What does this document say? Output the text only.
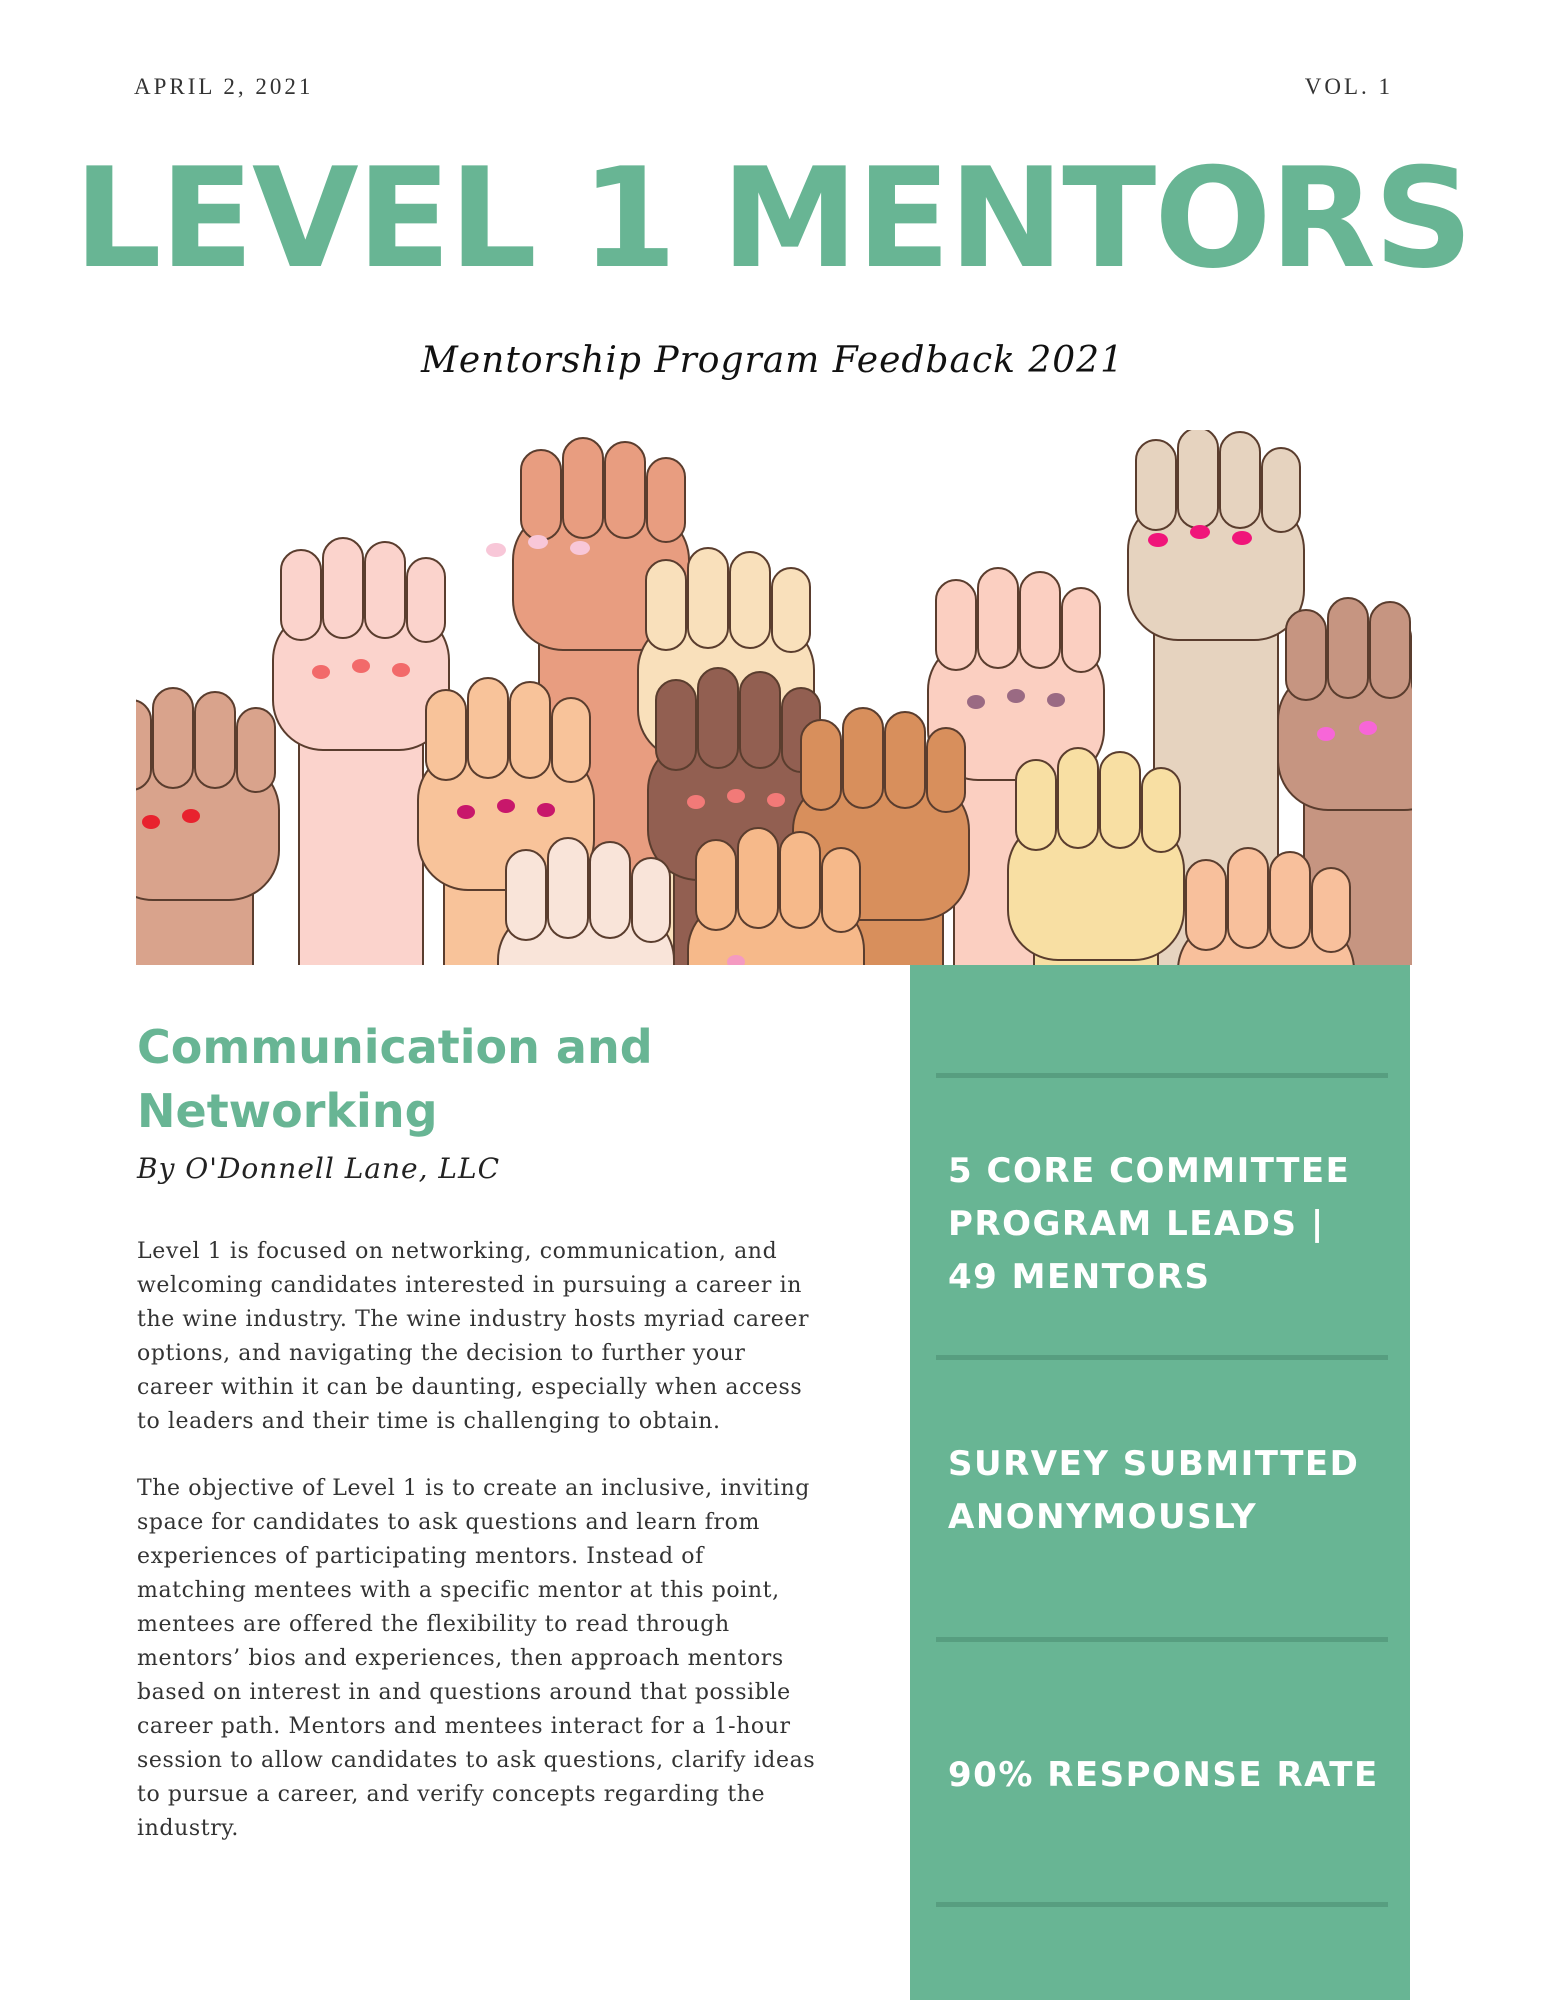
APRIL 2, 2021	VOL. 1
LEVEL 1 MENTORS
Mentorship Program Feedback 2021
Communication and
Networking
By O'Donnell Lane, LLC
Level 1 is focused on networking, communication, and
welcoming candidates interested in pursuing a career in
the wine industry. The wine industry hosts myriad career
options, and navigating the decision to further your
career within it can be daunting, especially when access
to leaders and their time is challenging to obtain.
The objective of Level 1 is to create an inclusive, inviting
space for candidates to ask questions and learn from
experiences of participating mentors. Instead of
matching mentees with a specific mentor at this point,
mentees are offered the flexibility to read through
mentors’ bios and experiences, then approach mentors
based on interest in and questions around that possible
career path. Mentors and mentees interact for a 1-hour
session to allow candidates to ask questions, clarify ideas
to pursue a career, and verify concepts regarding the
industry.
5 CORE COMMITTEE
PROGRAM LEADS |
49 MENTORS
SURVEY SUBMITTED
ANONYMOUSLY
90% RESPONSE RATE
